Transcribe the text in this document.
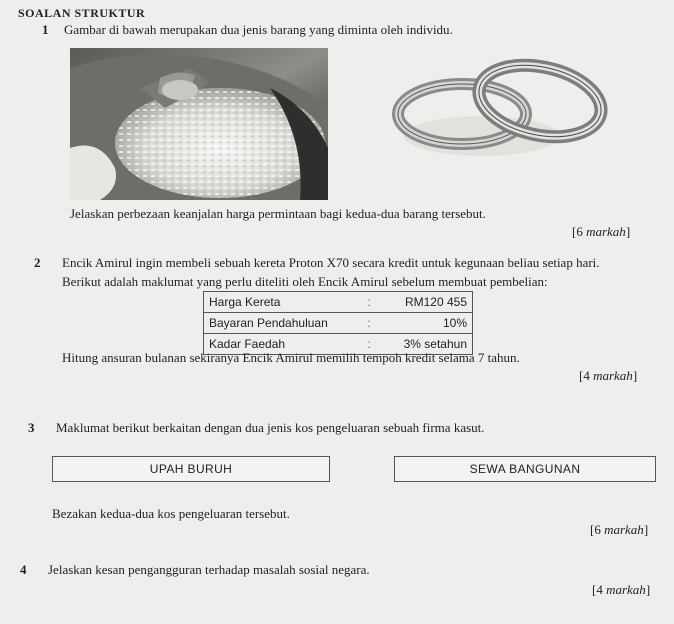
SOALAN STRUKTUR
1 Gambar di bawah merupakan dua jenis barang yang diminta oleh individu.
Jelaskan perbezaan keanjalan harga permintaan bagi kedua-dua barang tersebut.
[6 markah]
2 Encik Amirul ingin membeli sebuah kereta Proton X70 secara kredit untuk kegunaan beliau setiap hari.
Berikut adalah maklumat yang perlu diteliti oleh Encik Amirul sebelum membuat pembelian:
Harga Kereta	:	RM120 455
Bayaran Pendahuluan	:	10%
Kadar Faedah	:	3% setahun
Hitung ansuran bulanan sekiranya Encik Amirul memilih tempoh kredit selama 7 tahun.
[4 markah]
3 Maklumat berikut berkaitan dengan dua jenis kos pengeluaran sebuah firma kasut.
UPAH BURUH	SEWA BANGUNAN
Bezakan kedua-dua kos pengeluaran tersebut.
[6 markah]
4 Jelaskan kesan pengangguran terhadap masalah sosial negara.
[4 markah]
